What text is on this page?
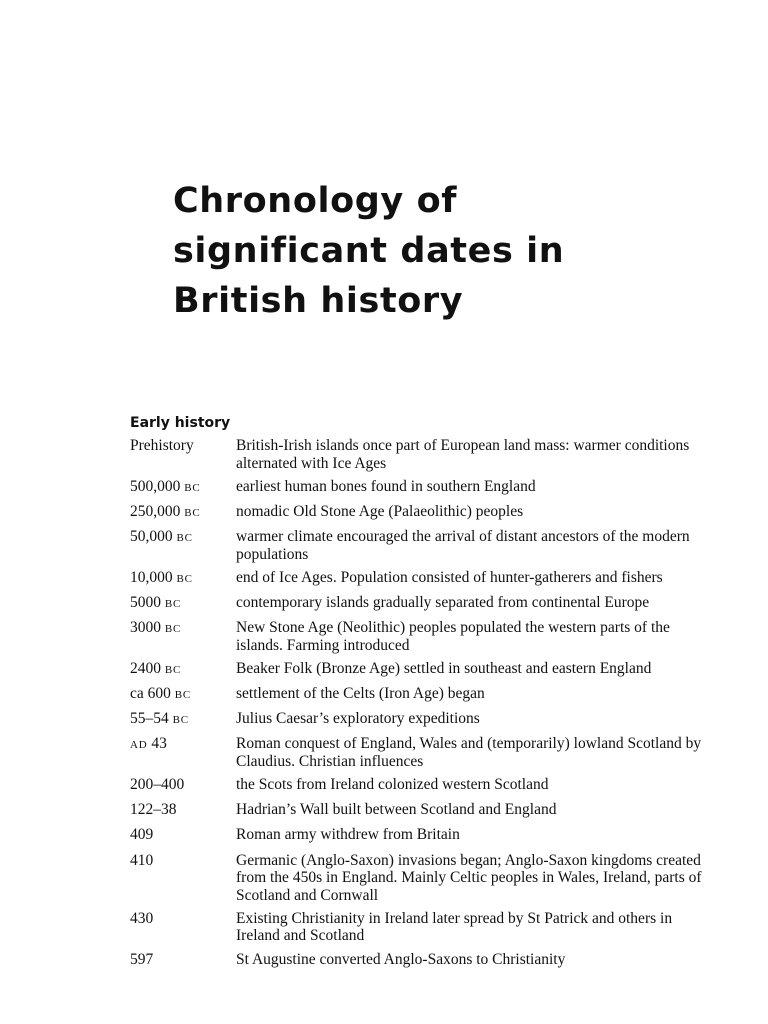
Chronology of
significant dates in
British history
Early history
Prehistory	British-Irish islands once part of European land mass: warmer conditions alternated with Ice Ages
500,000 BC	earliest human bones found in southern England
250,000 BC	nomadic Old Stone Age (Palaeolithic) peoples
50,000 BC	warmer climate encouraged the arrival of distant ancestors of the modern populations
10,000 BC	end of Ice Ages. Population consisted of hunter-gatherers and fishers
5000 BC	contemporary islands gradually separated from continental Europe
3000 BC	New Stone Age (Neolithic) peoples populated the western parts of the islands. Farming introduced
2400 BC	Beaker Folk (Bronze Age) settled in southeast and eastern England
ca 600 BC	settlement of the Celts (Iron Age) began
55–54 BC	Julius Caesar’s exploratory expeditions
AD 43	Roman conquest of England, Wales and (temporarily) lowland Scotland by Claudius. Christian influences
200–400	the Scots from Ireland colonized western Scotland
122–38	Hadrian’s Wall built between Scotland and England
409	Roman army withdrew from Britain
410	Germanic (Anglo-Saxon) invasions began; Anglo-Saxon kingdoms created from the 450s in England. Mainly Celtic peoples in Wales, Ireland, parts of Scotland and Cornwall
430	Existing Christianity in Ireland later spread by St Patrick and others in Ireland and Scotland
597	St Augustine converted Anglo-Saxons to Christianity
